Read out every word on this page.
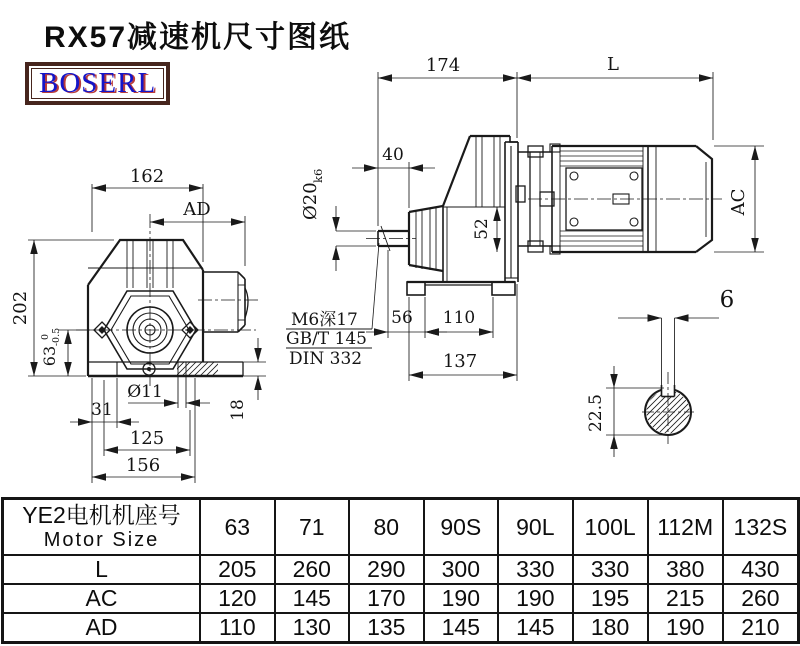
RX57减速机尺寸图纸
BOSERL
162
AD
202
63
0 -0.5
31
Ø11
125
156
18
174	L
40
Ø20
k6
52
56 110
137
M6深17
GB/T 145
DIN 332
AC
6
22.5
YE2电机机座号
Motor Size	63	71	80	90S	90L	100L	112M	132S
L	205	260	290	300	330	330	380	430
AC	120	145	170	190	190	195	215	260
AD	110	130	135	145	145	180	190	210
